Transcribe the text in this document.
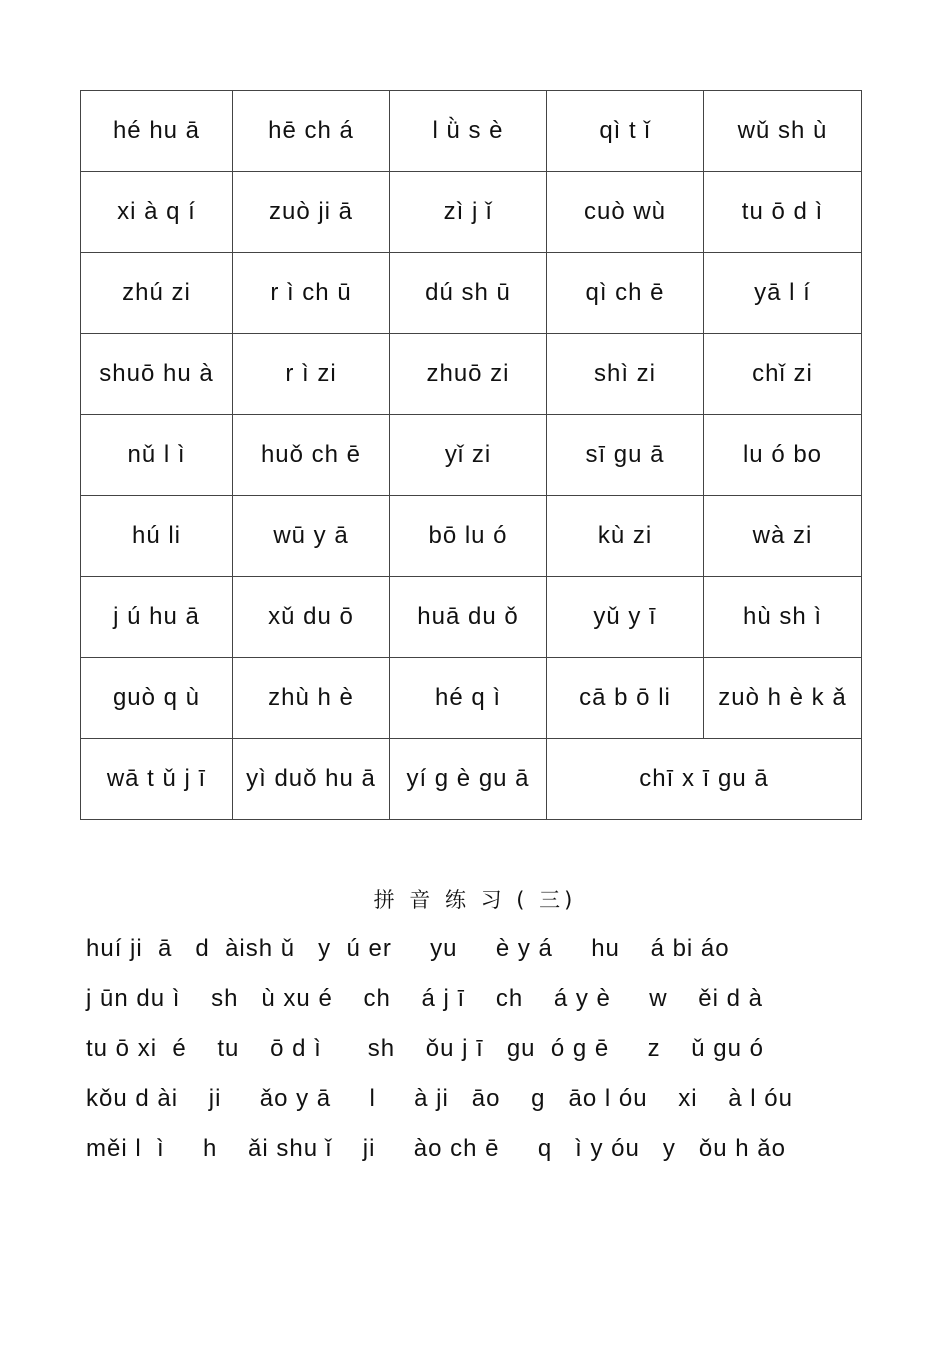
hé hu ā	hē ch á	l ǜ s è	qì t ǐ	wǔ sh ù
xi à q í	zuò ji ā	zì j ǐ	cuò wù	tu ō d ì
zhú zi	r ì ch ū	dú sh ū	qì ch ē	yā l í
shuō hu à	r ì zi	zhuō zi	shì zi	chǐ zi
nǔ l ì	huǒ ch ē	yǐ zi	sī gu ā	lu ó bo
hú li	wū y ā	bō lu ó	kù zi	wà zi
j ú hu ā	xǔ du ō	huā du ǒ	yǔ y ī	hù sh ì
guò q ù	zhù h è	hé q ì	cā b ō li	zuò h è k ǎ
wā t ǔ j ī	yì duǒ hu ā	yí g è gu ā	chī x ī gu ā	
拼 音 练 习 ( 三)
huí ji  ā   d  àish ǔ   y  ú er     yu     è y á     hu    á bi áo
j ūn du ì    sh   ù xu é    ch    á j ī    ch    á y è     w    ěi d à
tu ō xi  é    tu    ō d ì      sh    ǒu j ī   gu  ó g ē     z    ǔ gu ó
kǒu d ài    ji     ǎo y ā     l     à ji   āo    g   āo l óu    xi    à l óu
měi l  ì     h    ǎi shu ǐ    ji     ào ch ē     q   ì y óu   y   ǒu h ǎo
